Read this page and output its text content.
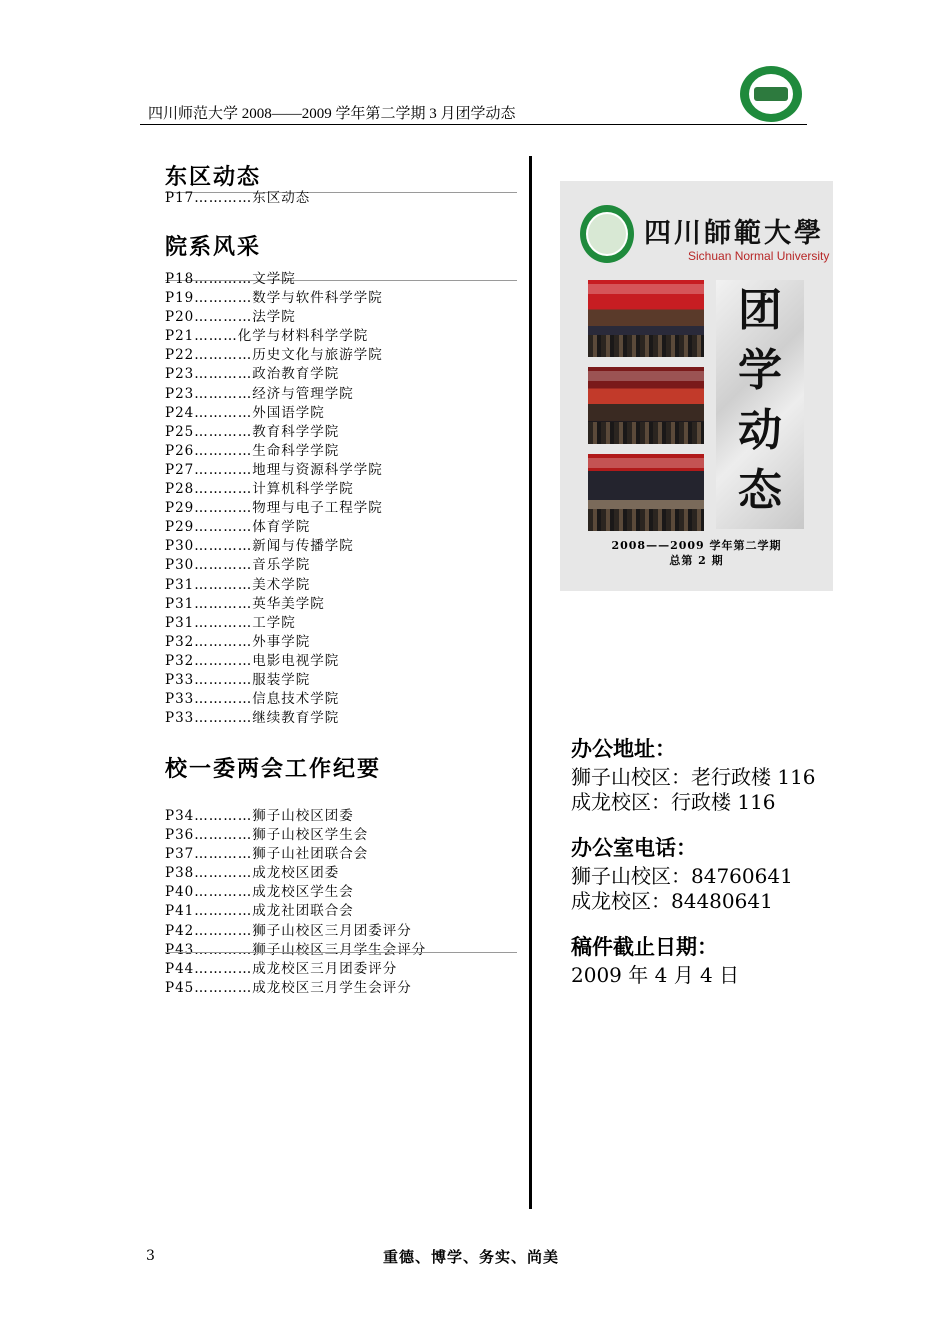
四川师范大学 2008——2009 学年第二学期 3 月团学动态
东区动态
P17…………东区动态
院系风采
P18…………文学院
P19…………数学与软件科学学院
P20…………法学院
P21………化学与材料科学学院
P22…………历史文化与旅游学院
P23…………政治教育学院
P23…………经济与管理学院
P24…………外国语学院
P25…………教育科学学院
P26…………生命科学学院
P27…………地理与资源科学学院
P28…………计算机科学学院
P29…………物理与电子工程学院
P29…………体育学院
P30…………新闻与传播学院
P30…………音乐学院
P31…………美术学院
P31…………英华美学院
P31…………工学院
P32…………外事学院
P32…………电影电视学院
P33…………服装学院
P33…………信息技术学院
P33…………继续教育学院
校一委两会工作纪要
P34…………狮子山校区团委
P36…………狮子山校区学生会
P37…………狮子山社团联合会
P38…………成龙校区团委
P40…………成龙校区学生会
P41…………成龙社团联合会
P42…………狮子山校区三月团委评分
P43…………狮子山校区三月学生会评分
P44…………成龙校区三月团委评分
P45…………成龙校区三月学生会评分
四川師範大學
Sichuan Normal University
团
学
动
态
2008——2009 学年第二学期
总第 2 期
办公地址：
狮子山校区：老行政楼 116
成龙校区：行政楼 116
办公室电话：
狮子山校区：84760641
成龙校区：84480641
稿件截止日期：
2009 年 4 月 4 日
3	重德、博学、务实、尚美
